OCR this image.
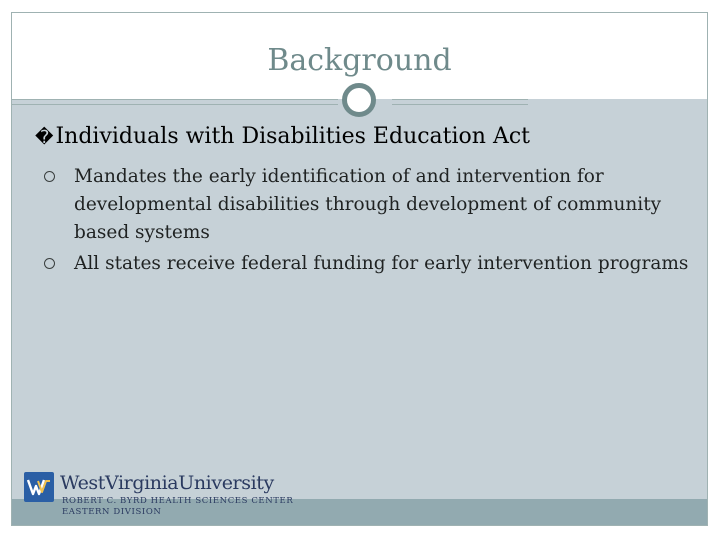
Background
�Individuals with Disabilities Education Act
Mandates the early identification of and intervention for developmental disabilities through development of community based systems
All states receive federal funding for early intervention programs
WestVirginiaUniversity
ROBERT C. BYRD HEALTH SCIENCES CENTER
EASTERN DIVISION
